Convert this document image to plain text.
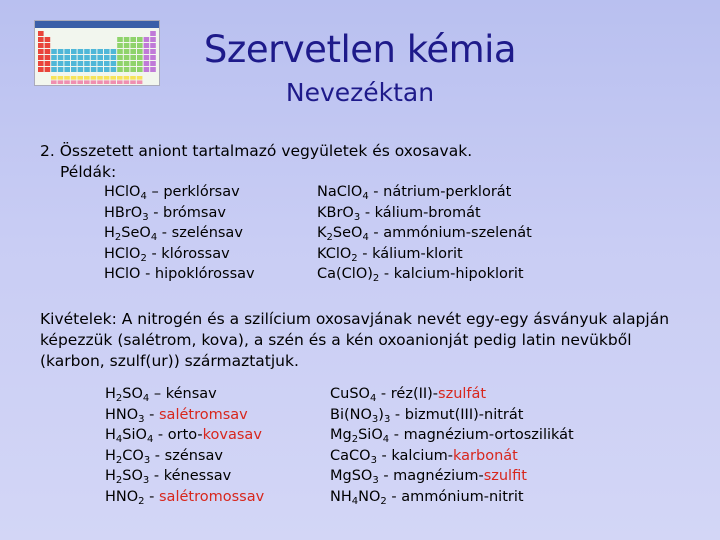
Szervetlen kémia
Nevezéktan
2. Összetett aniont tartalmazó vegyületek és oxosavak.
Példák:
HClO$_4$ – perklórsav
HBrO$_3$ - brómsav
$H_2SeO_4$ - szelénsav
HClO$_2$ - klórossav
HClO - hipoklórossav
NaClO$_4$ - nátrium-perklorát
KBrO$_3$ - kálium-bromát
$K_2SeO_4$ - ammónium-szelenát
KClO$_2$ - kálium-klorit
$Ca(ClO)_2$ - kalcium-hipoklorit
Kivételek: A nitrogén és a szilícium oxosavjának nevét egy-egy ásványuk alapján
képezzük (salétrom, kova), a szén és a kén oxoanionját pedig latin nevükből
(karbon, szulf(ur)) származtatjuk.
$H_2SO_4$ – kénsav
$HNO_3$ - salétromsav
$H_4SiO_4$ - orto-kovasav
$H_2CO_3$ - szénsav
$H_2SO_3$ - kénessav
$HNO_2$ - salétromossav
CuSO$_4$ - réz(II)-szulfát
$Bi(NO_3)_3$ - bizmut(III)-nitrát
$Mg_2SiO_4$ - magnézium-ortoszilikát
CaCO$_3$ - kalcium-karbonát
MgSO$_3$ - magnézium-szulfit
$NH_4NO_2$ - ammónium-nitrit
